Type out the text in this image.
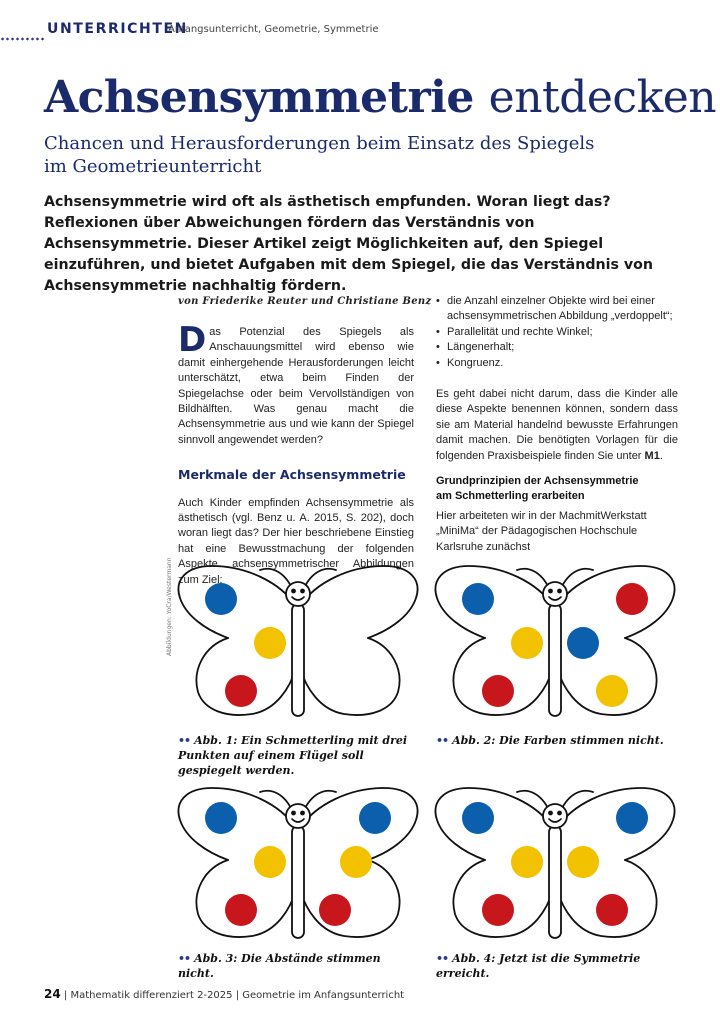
UNTERRICHTEN
Anfangsunterricht, Geometrie, Symmetrie
Achsensymmetrie entdecken
Chancen und Herausforderungen beim Einsatz des Spiegels
im Geometrieunterricht

Achsensymmetrie wird oft als ästhetisch empfunden. Woran liegt das? Reflexionen über Abweichungen fördern das Verständnis von Achsensymmetrie. Dieser Artikel zeigt Möglichkeiten auf, den Spiegel einzuführen, und bietet Aufgaben mit dem Spiegel, die das Verständnis von Achsensymmetrie nachhaltig fördern.

von Friederike Reuter und Christiane Benz

Das Potenzial des Spiegels als Anschauungsmittel wird ebenso wie damit einhergehende Herausforderungen leicht unterschätzt, etwa beim Finden der Spiegelachse oder beim Vervollständigen von Bildhälften. Was genau macht die Achsensymmetrie aus und wie kann der Spiegel sinnvoll angewendet werden?

Merkmale der Achsensymmetrie

Auch Kinder empfinden Achsensymmetrie als ästhetisch (vgl. Benz u. A. 2015, S. 202), doch woran liegt das? Der hier beschriebene Einstieg hat eine Bewusstmachung der folgenden Aspekte achsensymmetrischer Abbildungen zum Ziel:

• die Anzahl einzelner Objekte wird bei einer achsensymmetrischen Abbildung „verdoppelt“;
• Parallelität und rechte Winkel;
• Längenerhalt;
• Kongruenz.

Es geht dabei nicht darum, dass die Kinder alle diese Aspekte benennen können, sondern dass sie am Material handelnd bewusste Erfahrungen damit machen. Die benötigten Vorlagen für die folgenden Praxisbeispiele finden Sie unter M1.

Grundprinzipien der Achsensymmetrie
am Schmetterling erarbeiten

Hier arbeiteten wir in der MachmitWerkstatt „MiniMa“ der Pädagogischen Hochschule Karlsruhe zunächst

Abbildungen: YoCra/Westermann
•• Abb. 1: Ein Schmetterling mit drei Punkten auf einem Flügel soll gespiegelt werden.
•• Abb. 2: Die Farben stimmen nicht.
•• Abb. 3: Die Abstände stimmen nicht.
•• Abb. 4: Jetzt ist die Symmetrie erreicht.
24 | Mathematik differenziert 2-2025 | Geometrie im Anfangsunterricht
